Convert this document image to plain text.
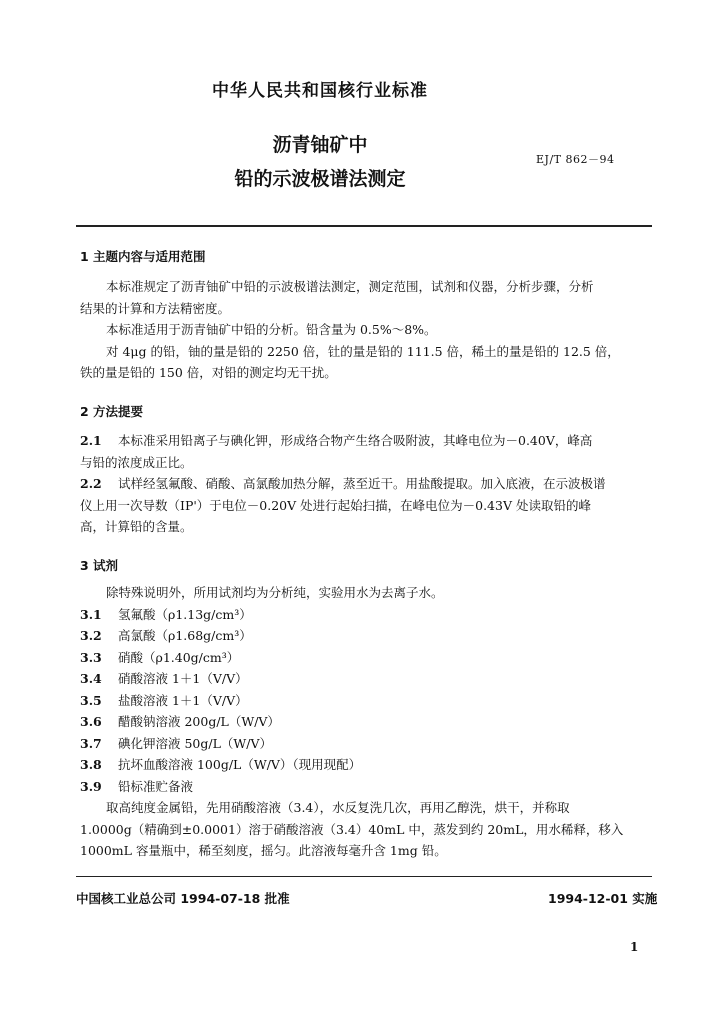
中华人民共和国核行业标准
沥青铀矿中
铅的示波极谱法测定
EJ/T 862－94
1 主题内容与适用范围

本标准规定了沥青铀矿中铅的示波极谱法测定，测定范围，试剂和仪器，分析步骤，分析

结果的计算和方法精密度。

本标准适用于沥青铀矿中铅的分析。铅含量为 0.5%～8%。

对 4μg 的铅，铀的量是铅的 2250 倍，钍的量是铅的 111.5 倍，稀土的量是铅的 12.5 倍，

铁的量是铅的 150 倍，对铅的测定均无干扰。

2 方法提要

2.1 本标准采用铅离子与碘化钾，形成络合物产生络合吸附波，其峰电位为－0.40V，峰高

与铅的浓度成正比。

2.2 试样经氢氟酸、硝酸、高氯酸加热分解，蒸至近干。用盐酸提取。加入底液，在示波极谱

仪上用一次导数（IP'）于电位－0.20V 处进行起始扫描，在峰电位为－0.43V 处读取铅的峰

高，计算铅的含量。

3 试剂

除特殊说明外，所用试剂均为分析纯，实验用水为去离子水。

3.1 氢氟酸（ρ1.13g/cm³）

3.2 高氯酸（ρ1.68g/cm³）

3.3 硝酸（ρ1.40g/cm³）

3.4 硝酸溶液 1＋1（V/V）

3.5 盐酸溶液 1＋1（V/V）

3.6 醋酸钠溶液 200g/L（W/V）

3.7 碘化钾溶液 50g/L（W/V）

3.8 抗坏血酸溶液 100g/L（W/V）（现用现配）

3.9 铅标准贮备液

取高纯度金属铅，先用硝酸溶液（3.4），水反复洗几次，再用乙醇洗，烘干，并称取

1.0000g（精确到±0.0001）溶于硝酸溶液（3.4）40mL 中，蒸发到约 20mL，用水稀释，移入

1000mL 容量瓶中，稀至刻度，摇匀。此溶液每毫升含 1mg 铅。

中国核工业总公司 1994-07-18 批准	1994-12-01 实施
1
